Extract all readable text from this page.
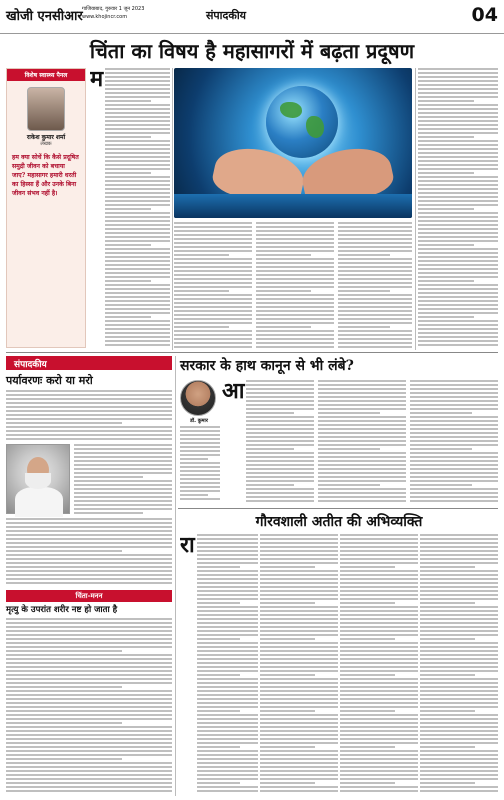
खोजी एनसीआर गाजियाबाद, गुरुवार 1 जून 2023
www.khojincr.com	संपादकीय	04
चिंता का विषय है महासागरों में बढ़ता प्रदूषण
विशेष स्वास्थ्य पैनल
राकेश कुमार शर्मा
लेखक
हम क्या सोचें कि कैसे प्रदूषित समुद्री जीवन को बचाया जाए? महासागर हमारी धरती का हिस्सा हैं और उनके बिना जीवन संभव नहीं है।
म
संपादकीय
पर्यावरणः करो या मरो
चिंता-मनन
मृत्यु के उपरांत शरीर नष्ट हो जाता है
सरकार के हाथ कानून से भी लंबे?
डॉ. कुमार
आ
गौरवशाली अतीत की अभिव्यक्ति
रा
